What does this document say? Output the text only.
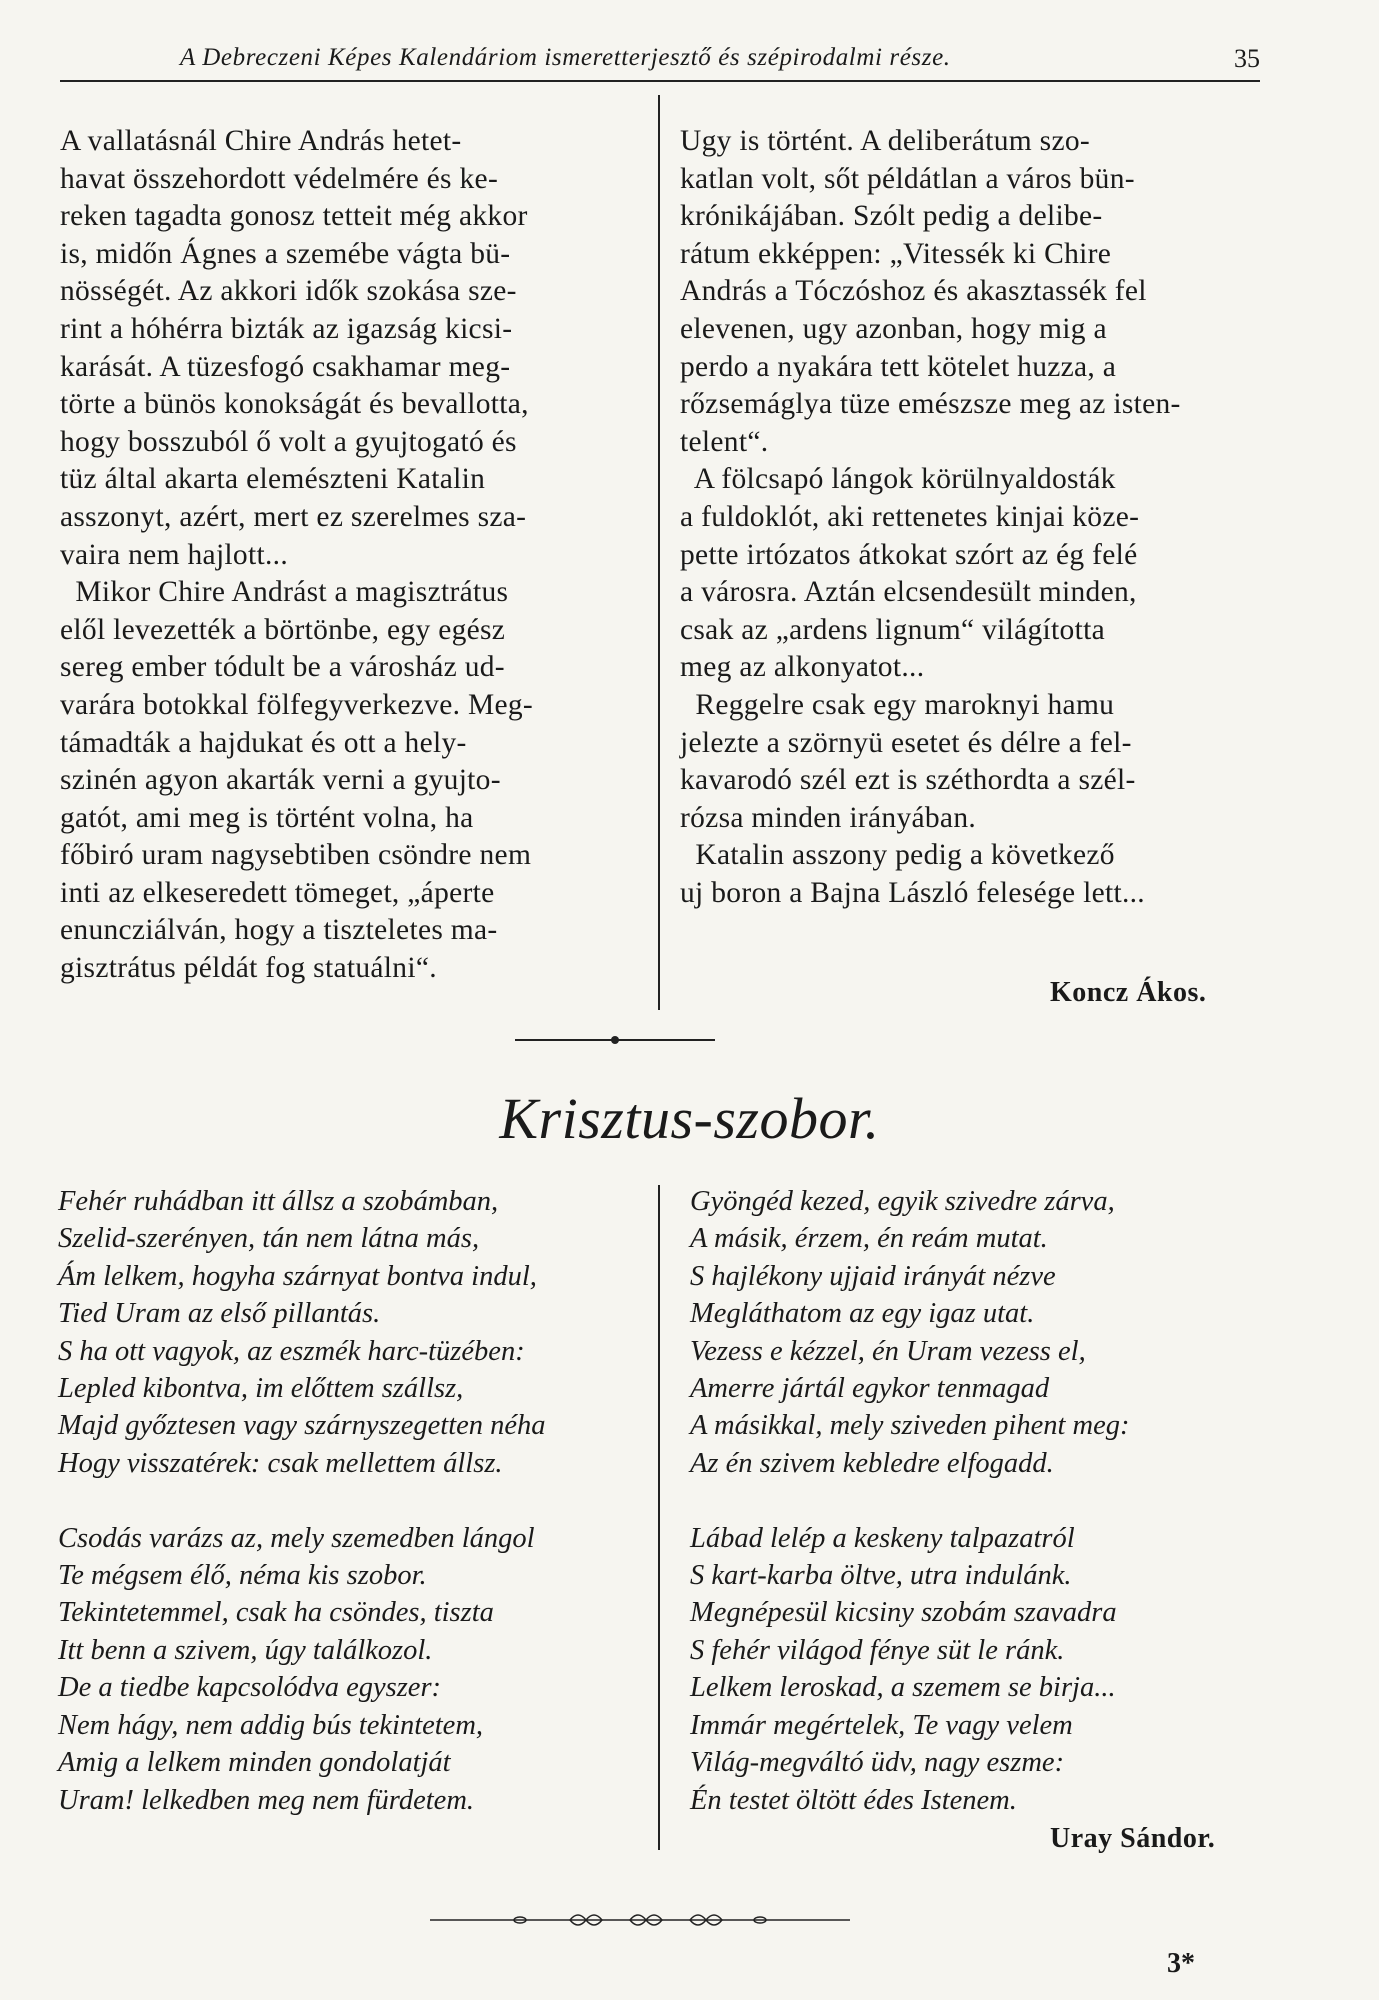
A Debreczeni Képes Kalendáriom ismeretterjesztő és szépirodalmi része.	35
A vallatásnál Chire András hetet-
havat összehordott védelmére és ke-
reken tagadta gonosz tetteit még akkor
is, midőn Ágnes a szemébe vágta bü-
nösségét. Az akkori idők szokása sze-
rint a hóhérra bizták az igazság kicsi-
karását. A tüzesfogó csakhamar meg-
törte a bünös konokságát és bevallotta,
hogy bosszuból ő volt a gyujtogató és
tüz által akarta elemészteni Katalin
asszonyt, azért, mert ez szerelmes sza-
vaira nem hajlott...
Mikor Chire Andrást a magisztrátus
elől levezették a börtönbe, egy egész
sereg ember tódult be a városház ud-
varára botokkal fölfegyverkezve. Meg-
támadták a hajdukat és ott a hely-
szinén agyon akarták verni a gyujto-
gatót, ami meg is történt volna, ha
főbiró uram nagysebtiben csöndre nem
inti az elkeseredett tömeget, „áperte
enuncziálván, hogy a tiszteletes ma-
gisztrátus példát fog statuálni“.
Ugy is történt. A deliberátum szo-
katlan volt, sőt példátlan a város bün-
krónikájában. Szólt pedig a delibe-
rátum ekképpen: „Vitessék ki Chire
András a Tóczóshoz és akasztassék fel
elevenen, ugy azonban, hogy mig a
perdo a nyakára tett kötelet huzza, a
rőzsemáglya tüze emészsze meg az isten-
telent“.
A fölcsapó lángok körülnyaldosták
a fuldoklót, aki rettenetes kinjai köze-
pette irtózatos átkokat szórt az ég felé
a városra. Aztán elcsendesült minden,
csak az „ardens lignum“ világította
meg az alkonyatot...
Reggelre csak egy maroknyi hamu
jelezte a szörnyü esetet és délre a fel-
kavarodó szél ezt is széthordta a szél-
rózsa minden irányában.
Katalin asszony pedig a következő
uj boron a Bajna László felesége lett...
Koncz Ákos.
Krisztus-szobor.
Fehér ruhádban itt állsz a szobámban,
Szelid-szerényen, tán nem látna más,
Ám lelkem, hogyha szárnyat bontva indul,
Tied Uram az első pillantás.
S ha ott vagyok, az eszmék harc-tüzében:
Lepled kibontva, im előttem szállsz,
Majd győztesen vagy szárnyszegetten néha
Hogy visszatérek: csak mellettem állsz.

Csodás varázs az, mely szemedben lángol
Te mégsem élő, néma kis szobor.
Tekintetemmel, csak ha csöndes, tiszta
Itt benn a szivem, úgy találkozol.
De a tiedbe kapcsolódva egyszer:
Nem hágy, nem addig bús tekintetem,
Amig a lelkem minden gondolatját
Uram! lelkedben meg nem fürdetem.
Gyöngéd kezed, egyik szivedre zárva,
A másik, érzem, én reám mutat.
S hajlékony ujjaid irányát nézve
Megláthatom az egy igaz utat.
Vezess e kézzel, én Uram vezess el,
Amerre jártál egykor tenmagad
A másikkal, mely sziveden pihent meg:
Az én szivem kebledre elfogadd.

Lábad lelép a keskeny talpazatról
S kart-karba öltve, utra indulánk.
Megnépesül kicsiny szobám szavadra
S fehér világod fénye süt le ránk.
Lelkem leroskad, a szemem se birja...
Immár megértelek, Te vagy velem
Világ-megváltó üdv, nagy eszme:
Én testet öltött édes Istenem.
Uray Sándor.
3*
